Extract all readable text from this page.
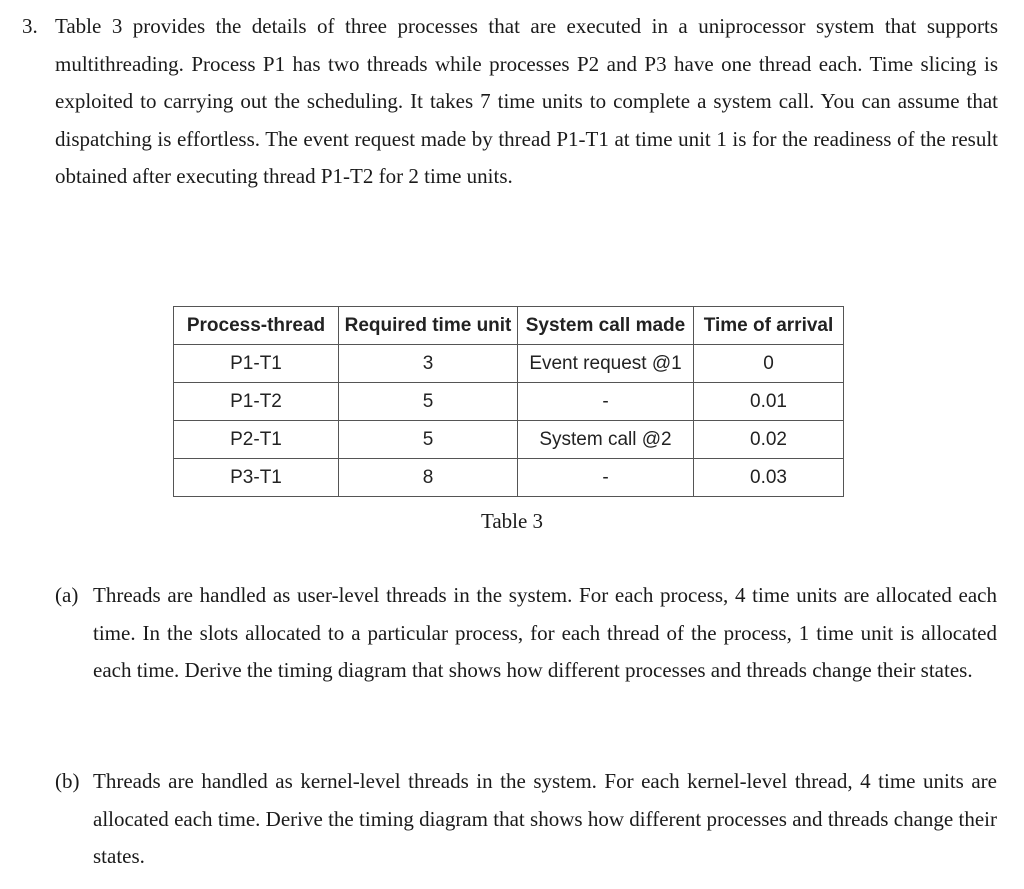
3. Table 3 provides the details of three processes that are executed in a uniprocessor system that supports multithreading. Process P1 has two threads while processes P2 and P3 have one thread each. Time slicing is exploited to carrying out the scheduling. It takes 7 time units to complete a system call. You can assume that dispatching is effortless. The event request made by thread P1-T1 at time unit 1 is for the readiness of the result obtained after executing thread P1-T2 for 2 time units.

Process-thread	Required time unit	System call made	Time of arrival
P1-T1	3	Event request @1	0
P1-T2	5	-	0.01
P2-T1	5	System call @2	0.02
P3-T1	8	-	0.03
Table 3
(a) Threads are handled as user-level threads in the system. For each process, 4 time units are allocated each time. In the slots allocated to a particular process, for each thread of the process, 1 time unit is allocated each time. Derive the timing diagram that shows how different processes and threads change their states.

(b) Threads are handled as kernel-level threads in the system. For each kernel-level thread, 4 time units are allocated each time. Derive the timing diagram that shows how different processes and threads change their states.
